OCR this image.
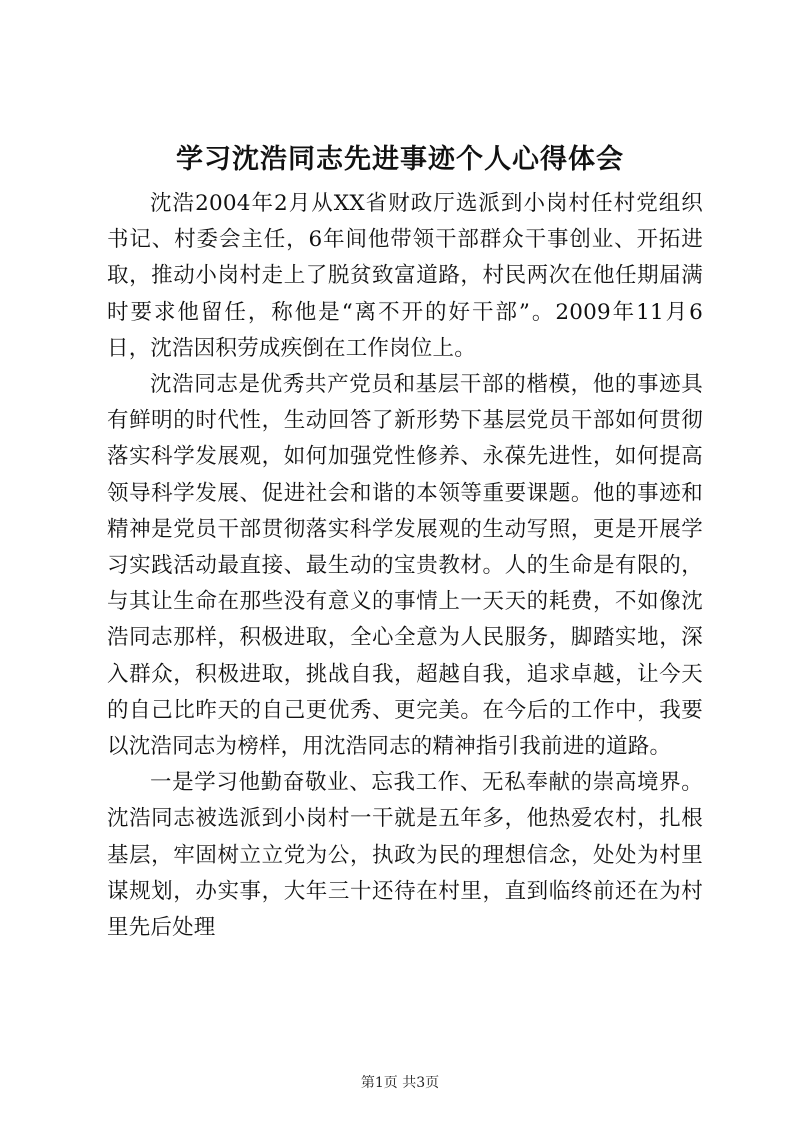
学习沈浩同志先进事迹个人心得体会

沈浩2004年2月从XX省财政厅选派到小岗村任村党组织书记、村委会主任，6年间他带领干部群众干事创业、开拓进取，推动小岗村走上了脱贫致富道路，村民两次在他任期届满时要求他留任，称他是“离不开的好干部”。2009年11月6日，沈浩因积劳成疾倒在工作岗位上。

沈浩同志是优秀共产党员和基层干部的楷模，他的事迹具有鲜明的时代性，生动回答了新形势下基层党员干部如何贯彻落实科学发展观，如何加强党性修养、永葆先进性，如何提高领导科学发展、促进社会和谐的本领等重要课题。他的事迹和精神是党员干部贯彻落实科学发展观的生动写照，更是开展学习实践活动最直接、最生动的宝贵教材。人的生命是有限的，与其让生命在那些没有意义的事情上一天天的耗费，不如像沈浩同志那样，积极进取，全心全意为人民服务，脚踏实地，深入群众，积极进取，挑战自我，超越自我，追求卓越，让今天的自己比昨天的自己更优秀、更完美。在今后的工作中，我要以沈浩同志为榜样，用沈浩同志的精神指引我前进的道路。

一是学习他勤奋敬业、忘我工作、无私奉献的崇高境界。沈浩同志被选派到小岗村一干就是五年多，他热爱农村，扎根基层，牢固树立立党为公，执政为民的理想信念，处处为村里谋规划，办实事，大年三十还待在村里，直到临终前还在为村里先后处理

第1页 共3页
